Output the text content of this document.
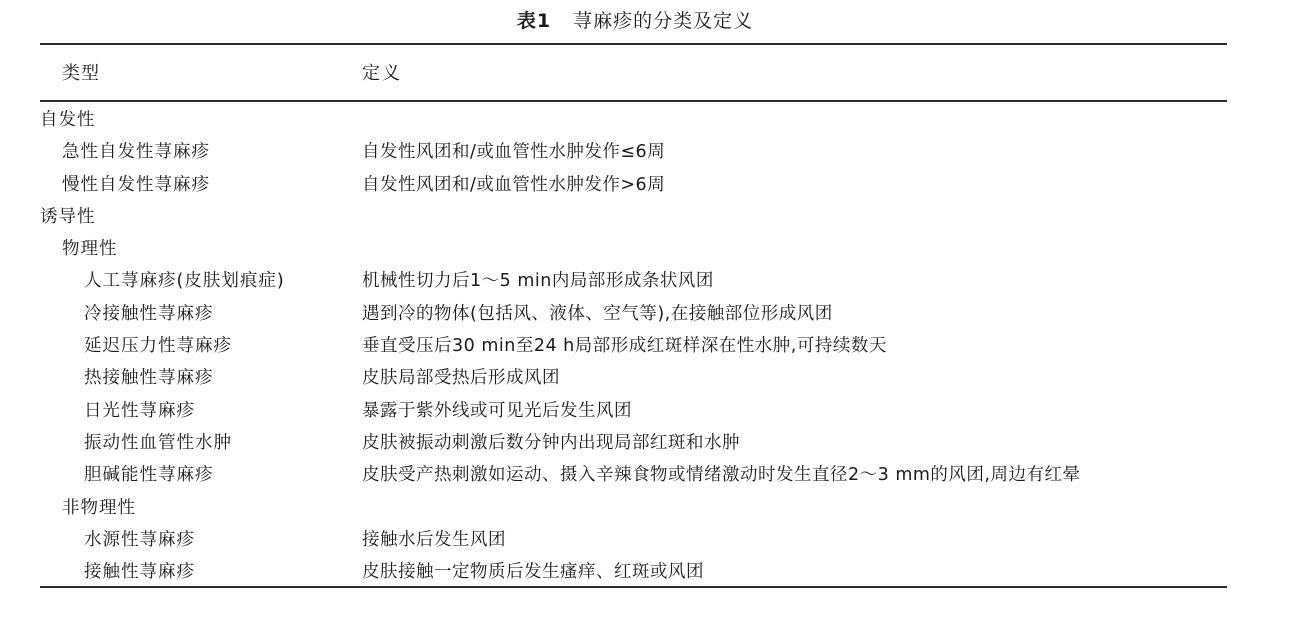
表1 荨麻疹的分类及定义
类型	定义
自发性
急性自发性荨麻疹	自发性风团和/或血管性水肿发作≤6周
慢性自发性荨麻疹	自发性风团和/或血管性水肿发作>6周
诱导性
物理性
人工荨麻疹(皮肤划痕症)	机械性切力后1～5 min内局部形成条状风团
冷接触性荨麻疹	遇到冷的物体(包括风、液体、空气等),在接触部位形成风团
延迟压力性荨麻疹	垂直受压后30 min至24 h局部形成红斑样深在性水肿,可持续数天
热接触性荨麻疹	皮肤局部受热后形成风团
日光性荨麻疹	暴露于紫外线或可见光后发生风团
振动性血管性水肿	皮肤被振动刺激后数分钟内出现局部红斑和水肿
胆碱能性荨麻疹	皮肤受产热刺激如运动、摄入辛辣食物或情绪激动时发生直径2～3 mm的风团,周边有红晕
非物理性
水源性荨麻疹	接触水后发生风团
接触性荨麻疹	皮肤接触一定物质后发生瘙痒、红斑或风团
